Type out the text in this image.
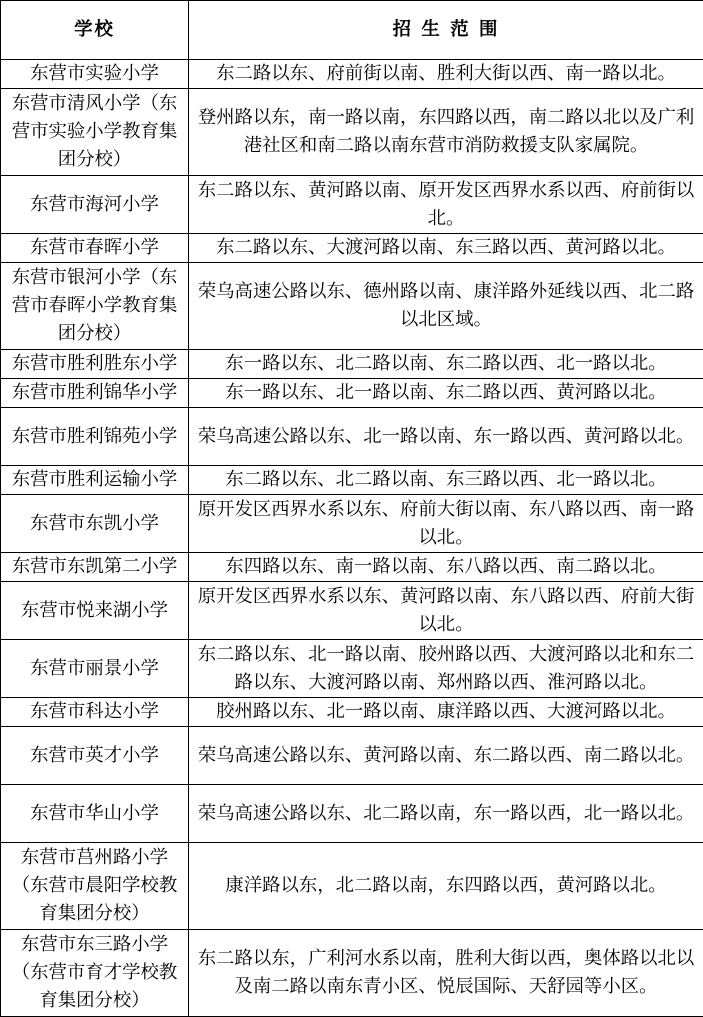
学校	招 生 范 围
东营市实验小学	东二路以东、府前街以南、胜利大街以西、南一路以北。
东营市清风小学（东营市实验小学教育集团分校）	登州路以东，南一路以南，东四路以西，南二路以北以及广利港社区和南二路以南东营市消防救援支队家属院。
东营市海河小学	东二路以东、黄河路以南、原开发区西界水系以西、府前街以北。
东营市春晖小学	东二路以东、大渡河路以南、东三路以西、黄河路以北。
东营市银河小学（东营市春晖小学教育集团分校）	荣乌高速公路以东、德州路以南、康洋路外延线以西、北二路以北区域。
东营市胜利胜东小学	东一路以东、北二路以南、东二路以西、北一路以北。
东营市胜利锦华小学	东一路以东、北一路以南、东二路以西、黄河路以北。
东营市胜利锦苑小学	荣乌高速公路以东、北一路以南、东一路以西、黄河路以北。
东营市胜利运输小学	东二路以东、北二路以南、东三路以西、北一路以北。
东营市东凯小学	原开发区西界水系以东、府前大街以南、东八路以西、南一路以北。
东营市东凯第二小学	东四路以东、南一路以南、东八路以西、南二路以北。
东营市悦来湖小学	原开发区西界水系以东、黄河路以南、东八路以西、府前大街以北。
东营市丽景小学	东二路以东、北一路以南、胶州路以西、大渡河路以北和东二路以东、大渡河路以南、郑州路以西、淮河路以北。
东营市科达小学	胶州路以东、北一路以南、康洋路以西、大渡河路以北。
东营市英才小学	荣乌高速公路以东、黄河路以南、东二路以西、南二路以北。
东营市华山小学	荣乌高速公路以东、北二路以南，东一路以西，北一路以北。
东营市莒州路小学（东营市晨阳学校教育集团分校）	康洋路以东，北二路以南，东四路以西，黄河路以北。
东营市东三路小学（东营市育才学校教育集团分校）	东二路以东，广利河水系以南，胜利大街以西，奥体路以北以及南二路以南东青小区、悦辰国际、天舒园等小区。
